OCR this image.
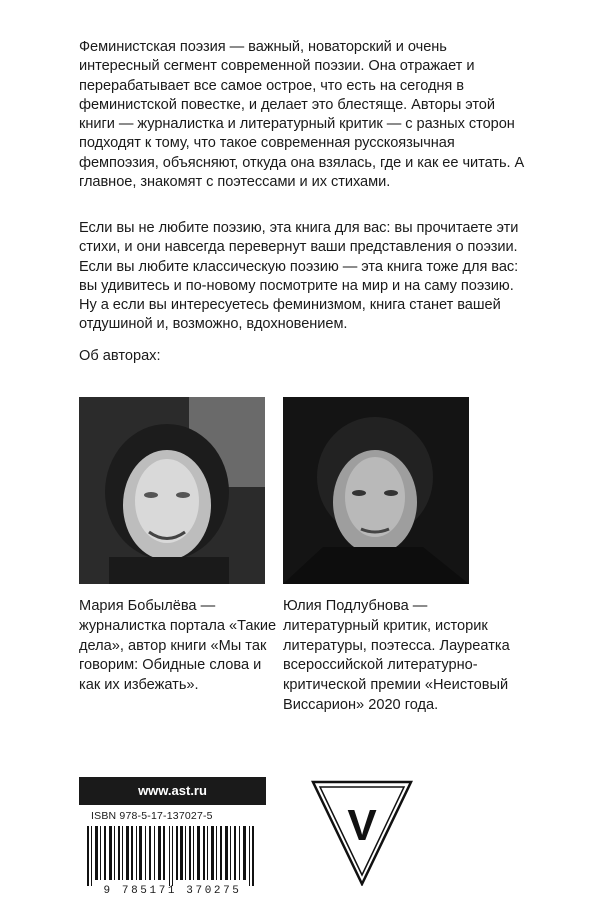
Феминистская поэзия — важный, новаторский и очень интересный сегмент современной поэзии. Она отражает и перерабатывает все самое острое, что есть на сегодня в феминистской повестке, и делает это блестяще. Авторы этой книги — журналистка и литературный критик — с разных сторон подходят к тому, что такое современная русскоязычная фемпоэзия, объясняют, откуда она взялась, где и как ее читать. А главное, знакомят с поэтессами и их стихами.

Если вы не любите поэзию, эта книга для вас: вы прочитаете эти стихи, и они навсегда перевернут ваши представления о поэзии. Если вы любите классическую поэзию — эта книга тоже для вас: вы удивитесь и по-новому посмотрите на мир и на саму поэзию. Ну а если вы интересуетесь феминизмом, книга станет вашей отдушиной и, возможно, вдохновением.

Об авторах:
Мария Бобылёва — журналистка портала «Такие дела», автор книги «Мы так говорим: Обидные слова и как их избежать».
Юлия Подлубнова — литературный критик, историк литературы, поэтесса. Лауреатка всероссийской литературно-критической премии «Неистовый Виссарион» 2020 года.
www.ast.ru
ISBN 978-5-17-137027-5
9 785171 370275
V
